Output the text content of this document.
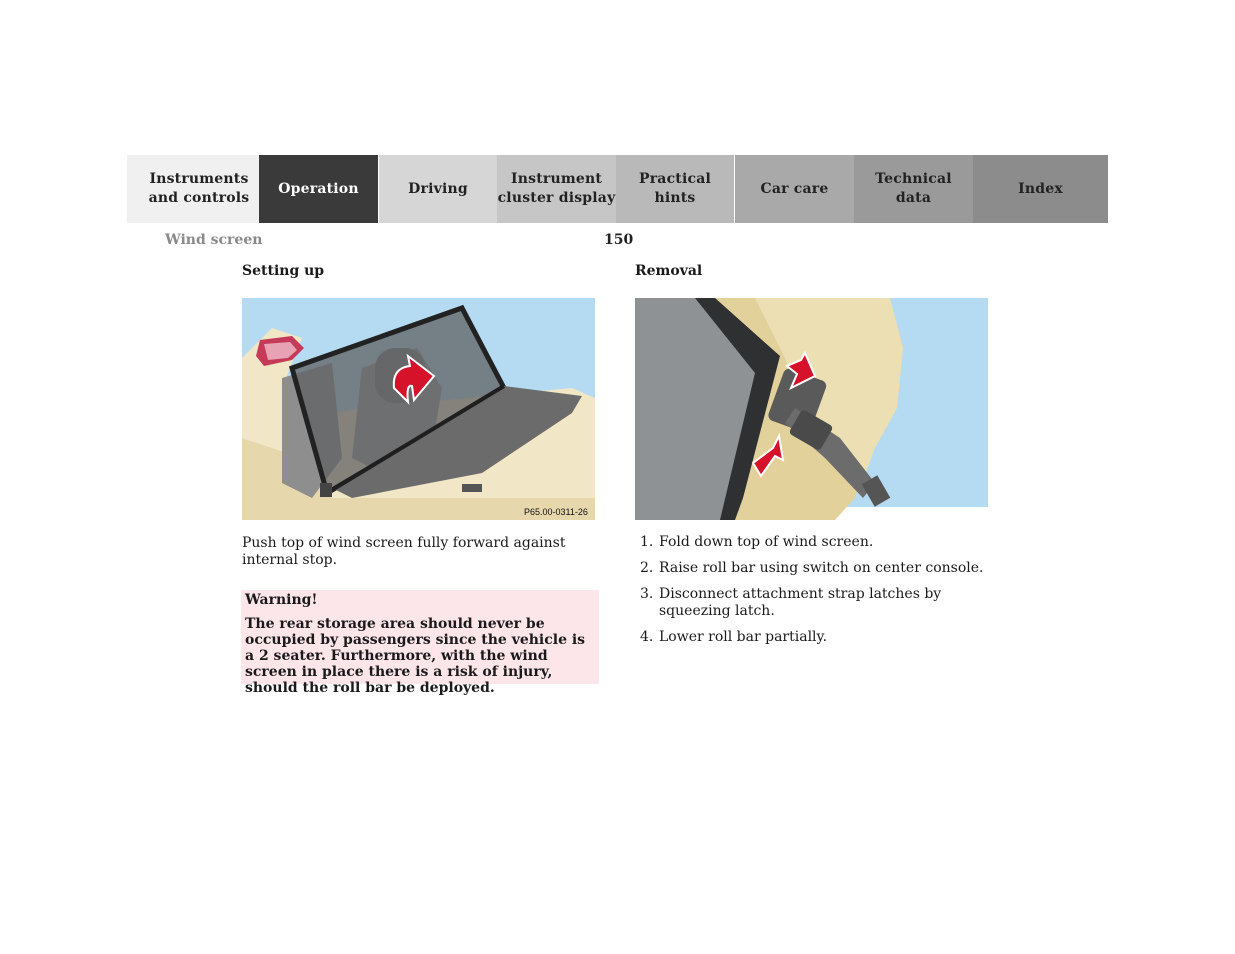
Instruments
and controls
Operation	Driving
Instrument
cluster display
Practical hints
Car care
Technical
data
Index
Wind screen	150
Setting up	Removal
P65.00-0311-26
Push top of wind screen fully forward against internal stop.
Warning!
The rear storage area should never be occupied by passengers since the vehicle is a 2 seater. Furthermore, with the wind screen in place there is a risk of injury, should the roll bar be deployed.
1. Fold down top of wind screen.
2. Raise roll bar using switch on center console.
3. Disconnect attachment strap latches by squeezing latch.
4. Lower roll bar partially.
